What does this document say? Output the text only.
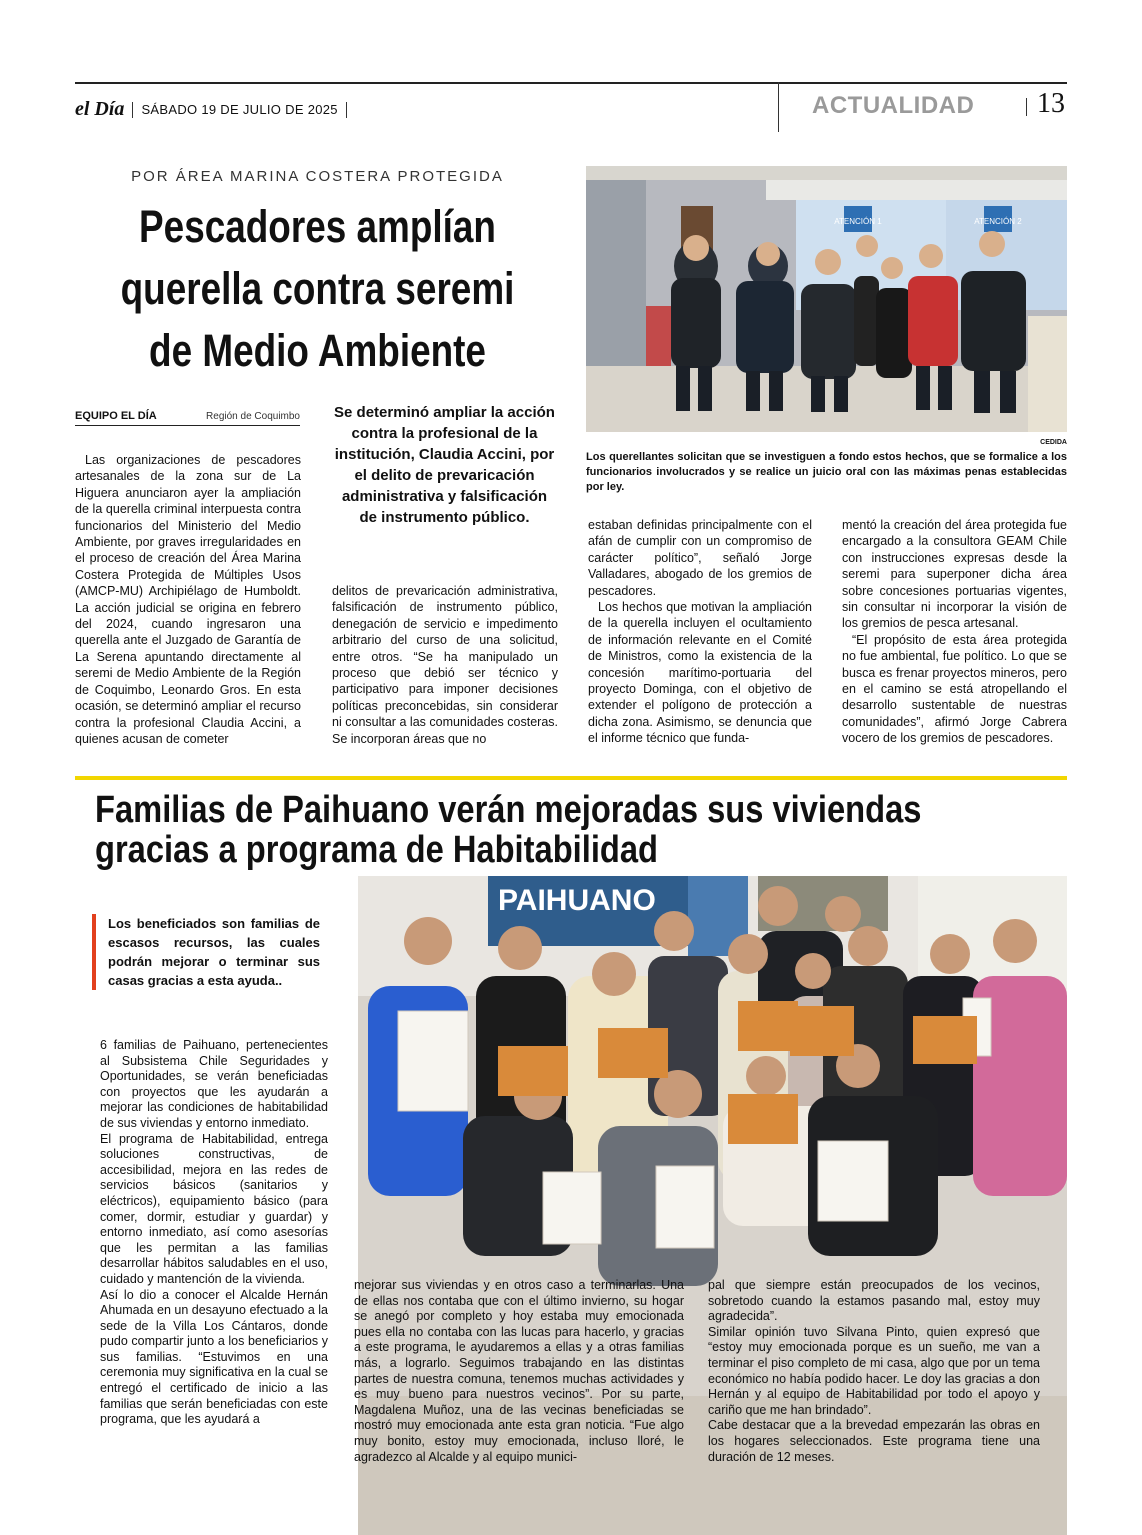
el Día SÁBADO 19 DE JULIO DE 2025	ACTUALIDAD 13
POR ÁREA MARINA COSTERA PROTEGIDA
Pescadores amplían querella contra seremi de Medio Ambiente
EQUIPO EL DÍA	Región de Coquimbo

Las organizaciones de pescadores artesanales de la zona sur de La Higuera anunciaron ayer la ampliación de la querella criminal interpuesta contra funcionarios del Ministerio del Medio Ambiente, por graves irregularidades en el proceso de creación del Área Marina Costera Protegida de Múltiples Usos (AMCP-MU) Archipiélago de Humboldt. La acción judicial se origina en febrero del 2024, cuando ingresaron una querella ante el Juzgado de Garantía de La Serena apuntando directamente al seremi de Medio Ambiente de la Región de Coquimbo, Leonardo Gros. En esta ocasión, se determinó ampliar el recurso contra la profesional Claudia Accini, a quienes acusan de cometer

Se determinó ampliar la acción contra la profesional de la institución, Claudia Accini, por el delito de prevaricación administrativa y falsificación de instrumento público.

delitos de prevaricación administrativa, falsificación de instrumento público, denegación de servicio e impedimento arbitrario del curso de una solicitud, entre otros. “Se ha manipulado un proceso que debió ser técnico y participativo para imponer decisiones políticas preconcebidas, sin considerar ni consultar a las comunidades costeras. Se incorporan áreas que no

estaban definidas principalmente con el afán de cumplir con un compromiso de carácter político”, señaló Jorge Valladares, abogado de los gremios de pescadores.

Los hechos que motivan la ampliación de la querella incluyen el ocultamiento de información relevante en el Comité de Ministros, como la existencia de la concesión marítimo-portuaria del proyecto Dominga, con el objetivo de extender el polígono de protección a dicha zona. Asimismo, se denuncia que el informe técnico que funda-

mentó la creación del área protegida fue encargado a la consultora GEAM Chile con instrucciones expresas desde la seremi para superponer dicha área sobre concesiones portuarias vigentes, sin consultar ni incorporar la visión de los gremios de pesca artesanal.

“El propósito de esta área protegida no fue ambiental, fue político. Lo que se busca es frenar proyectos mineros, pero en el camino se está atropellando el desarrollo sustentable de nuestras comunidades”, afirmó Jorge Cabrera vocero de los gremios de pescadores.

ATENCIÓN 1	ATENCIÓN 2
CEDIDA
Los querellantes solicitan que se investiguen a fondo estos hechos, que se formalice a los funcionarios involucrados y se realice un juicio oral con las máximas penas establecidas por ley.
Familias de Paihuano verán mejoradas sus viviendas gracias a programa de Habitabilidad
Los beneficiados son familias de escasos recursos, las cuales podrán mejorar o terminar sus casas gracias a esta ayuda..
PAIHUANO

6 familias de Paihuano, pertenecientes al Subsistema Chile Seguridades y Oportunidades, se verán beneficiadas con proyectos que les ayudarán a mejorar las condiciones de habitabilidad de sus viviendas y entorno inmediato.

El programa de Habitabilidad, entrega soluciones constructivas, de accesibilidad, mejora en las redes de servicios básicos (sanitarios y eléctricos), equipamiento básico (para comer, dormir, estudiar y guardar) y entorno inmediato, así como asesorías que les permitan a las familias desarrollar hábitos saludables en el uso, cuidado y mantención de la vivienda.

Así lo dio a conocer el Alcalde Hernán Ahumada en un desayuno efectuado a la sede de la Villa Los Cántaros, donde pudo compartir junto a los beneficiarios y sus familias. “Estuvimos en una ceremonia muy significativa en la cual se entregó el certificado de inicio a las familias que serán beneficiadas con este programa, que les ayudará a

mejorar sus viviendas y en otros caso a terminarlas. Una de ellas nos contaba que con el último invierno, su hogar se anegó por completo y hoy estaba muy emocionada pues ella no contaba con las lucas para hacerlo, y gracias a este programa, le ayudaremos a ellas y a otras familias más, a lograrlo. Seguimos trabajando en las distintas partes de nuestra comuna, tenemos muchas actividades y es muy bueno para nuestros vecinos”. Por su parte, Magdalena Muñoz, una de las vecinas beneficiadas se mostró muy emocionada ante esta gran noticia. “Fue algo muy bonito, estoy muy emocionada, incluso lloré, le agradezco al Alcalde y al equipo munici-

pal que siempre están preocupados de los vecinos, sobretodo cuando la estamos pasando mal, estoy muy agradecida”.

Similar opinión tuvo Silvana Pinto, quien expresó que “estoy muy emocionada porque es un sueño, me van a terminar el piso completo de mi casa, algo que por un tema económico no había podido hacer. Le doy las gracias a don Hernán y al equipo de Habitabilidad por todo el apoyo y cariño que me han brindado”.

Cabe destacar que a la brevedad empezarán las obras en los hogares seleccionados. Este programa tiene una duración de 12 meses.
